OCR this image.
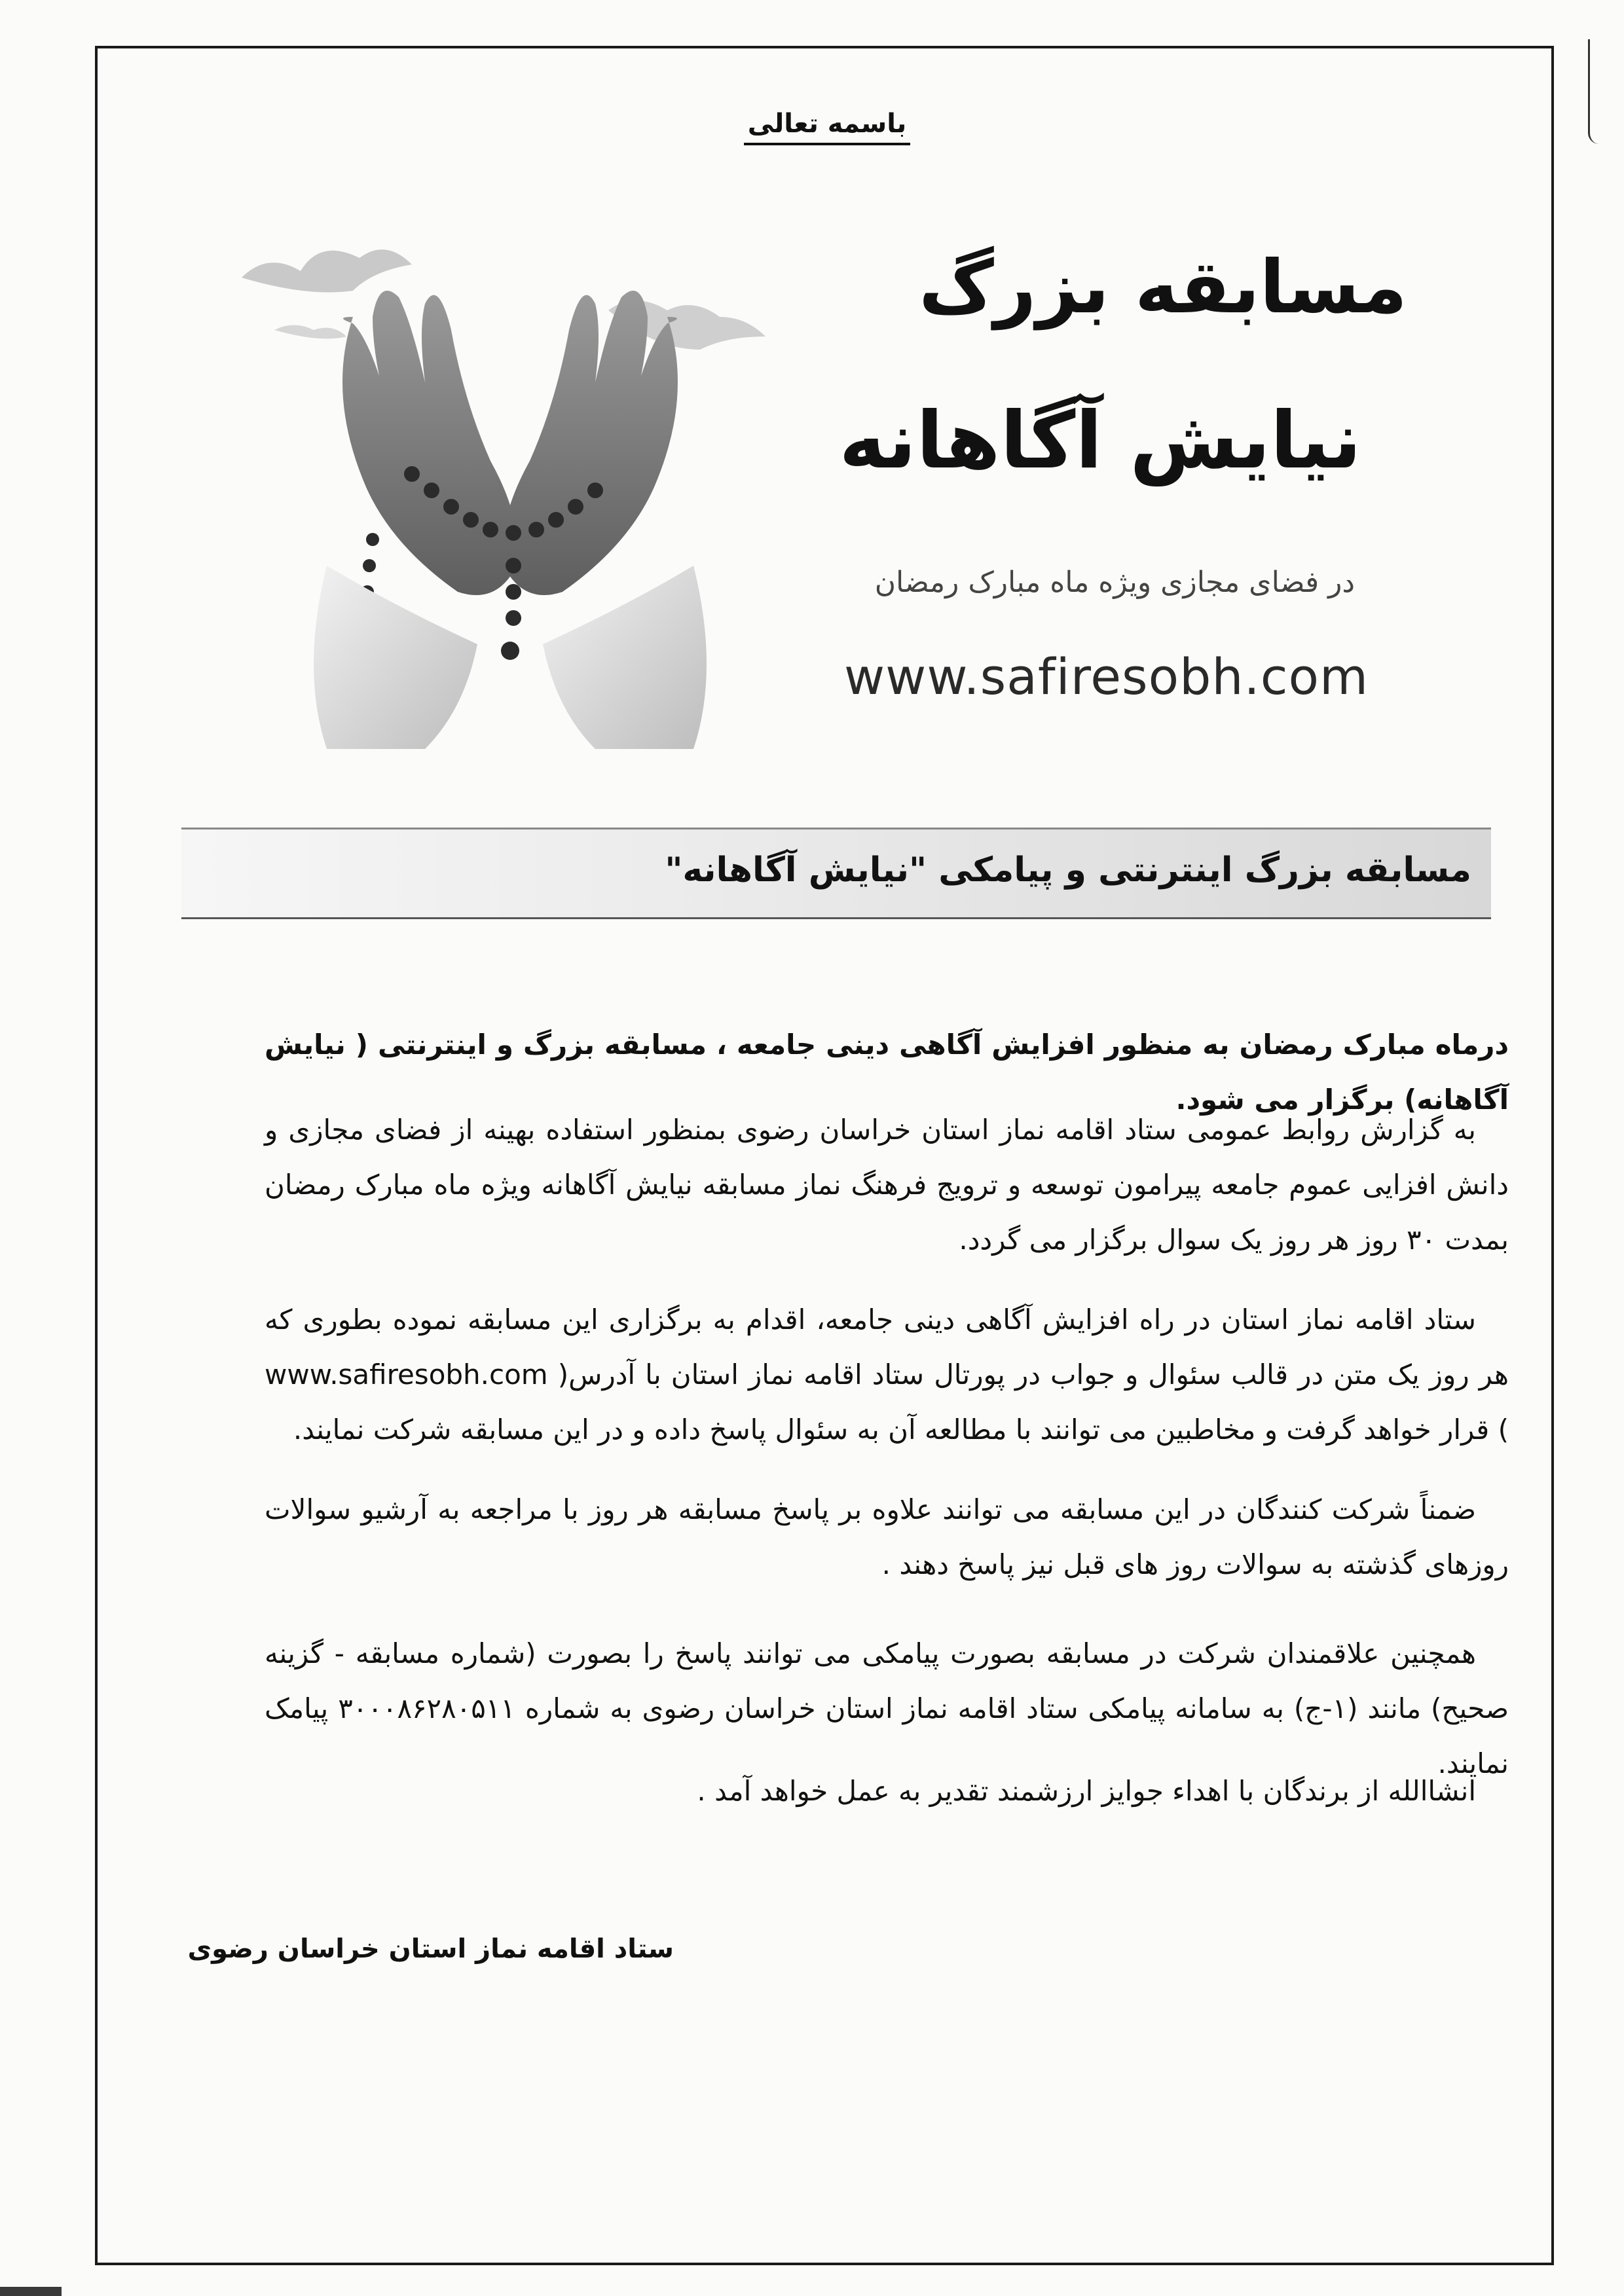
باسمه تعالی
مسابقه بزرگ
نیایش آگاهانه
در فضای مجازی ویژه ماه مبارک رمضان
www.safiresobh.com
مسابقه بزرگ اینترنتی و پیامکی "نیایش آگاهانه"
درماه مبارک رمضان به منظور افزایش آگاهی دینی جامعه ، مسابقه بزرگ و اینترنتی ( نیایش آگاهانه) برگزار می شود.

به گزارش روابط عمومی ستاد اقامه نماز استان خراسان رضوی بمنظور استفاده بهینه از فضای مجازی و دانش افزایی عموم جامعه پیرامون توسعه و ترویج فرهنگ نماز مسابقه نیایش آگاهانه ویژه ماه مبارک رمضان بمدت ۳۰ روز هر روز یک سوال برگزار می گردد.

ستاد اقامه نماز استان در راه افزایش آگاهی دینی جامعه، اقدام به برگزاری این مسابقه نموده بطوری که هر روز یک متن در قالب سئوال و جواب در پورتال ستاد اقامه نماز استان با آدرس( www.safiresobh.com ) قرار خواهد گرفت و مخاطبین می توانند با مطالعه آن به سئوال پاسخ داده و در این مسابقه شرکت نمایند.

ضمناً شرکت کنندگان در این مسابقه می توانند علاوه بر پاسخ مسابقه هر روز با مراجعه به آرشیو سوالات روزهای گذشته به سوالات روز های قبل نیز پاسخ دهند .

همچنین علاقمندان شرکت در مسابقه بصورت پیامکی می توانند پاسخ را بصورت (شماره مسابقه - گزینه صحیح) مانند (۱-ج) به سامانه پیامکی ستاد اقامه نماز استان خراسان رضوی به شماره ۳۰۰۰۸۶۲۸۰۵۱۱ پیامک نمایند.

انشاالله از برندگان با اهداء جوایز ارزشمند تقدیر به عمل خواهد آمد .

ستاد اقامه نماز استان خراسان رضوی
